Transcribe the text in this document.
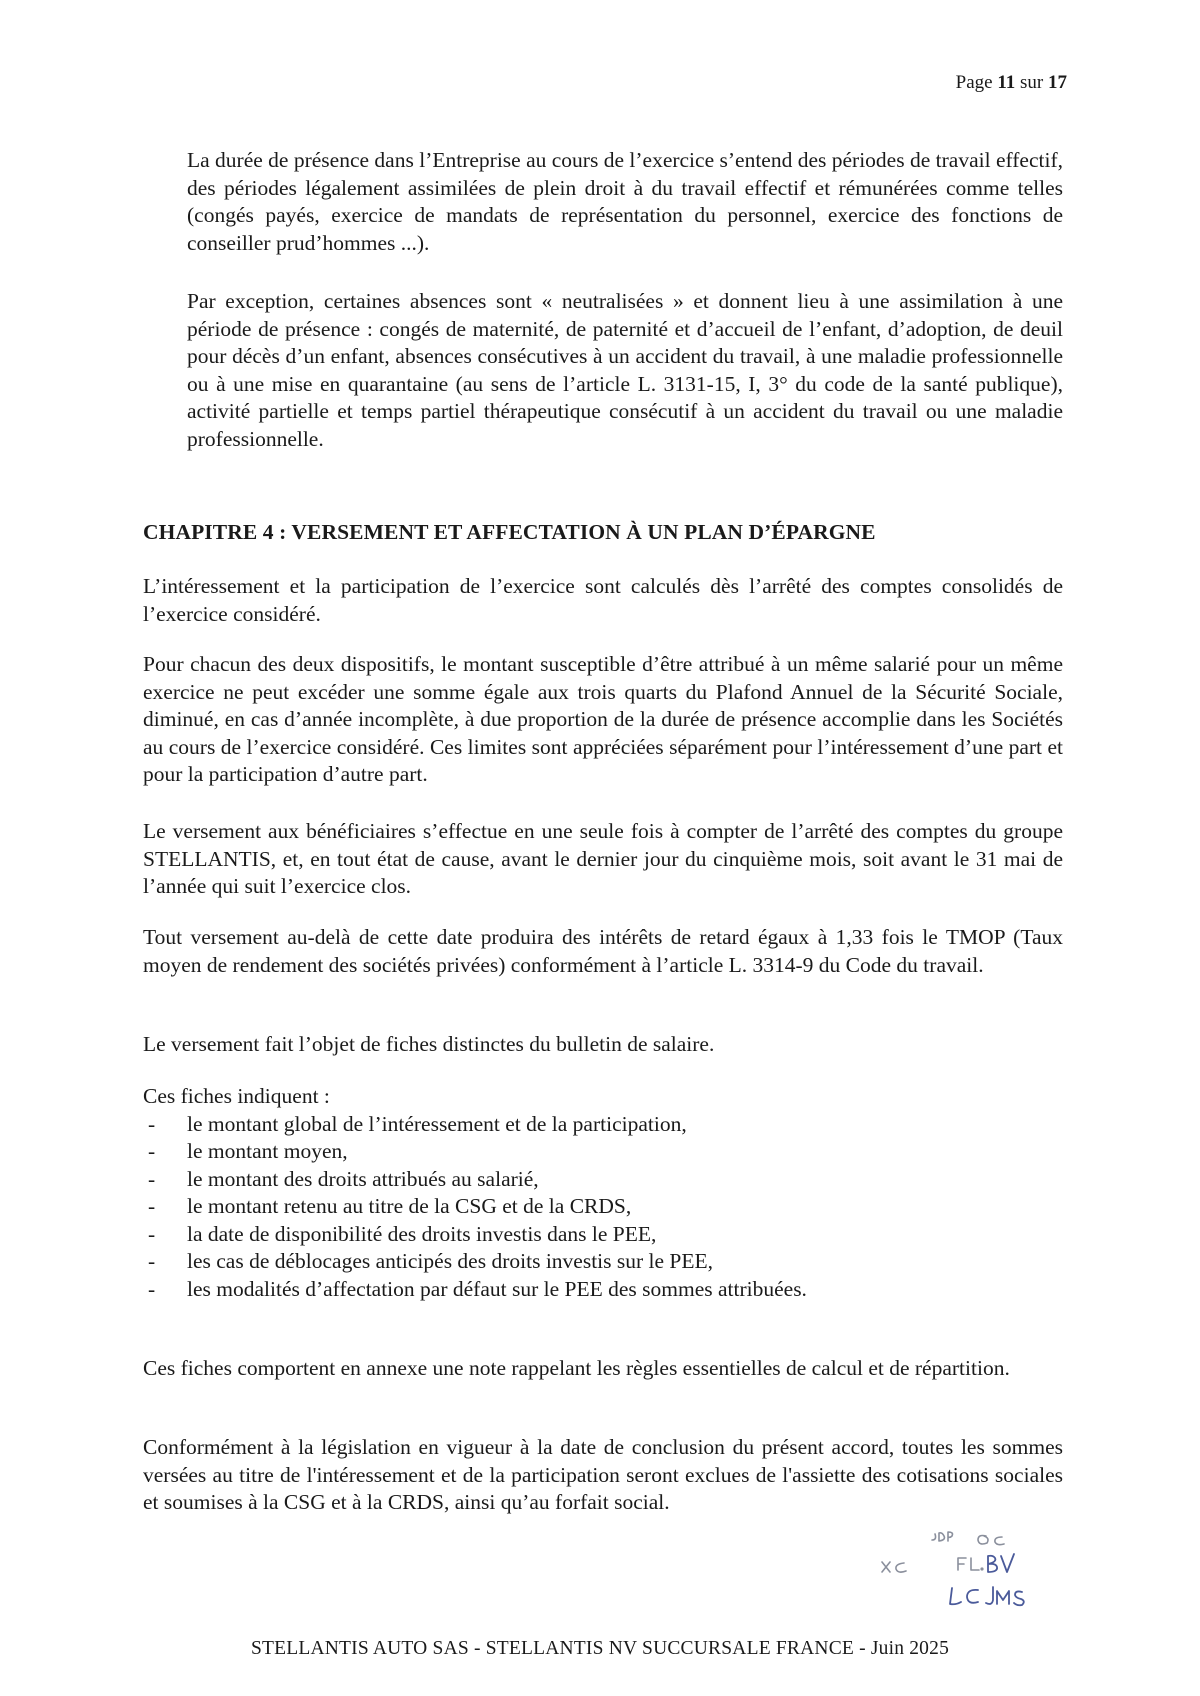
Page 11 sur 17

La durée de présence dans l’Entreprise au cours de l’exercice s’entend des périodes de travail effectif, des périodes légalement assimilées de plein droit à du travail effectif et rémunérées comme telles (congés payés, exercice de mandats de représentation du personnel, exercice des fonctions de conseiller prud’hommes ...).

Par exception, certaines absences sont « neutralisées » et donnent lieu à une assimilation à une période de présence : congés de maternité, de paternité et d’accueil de l’enfant, d’adoption, de deuil pour décès d’un enfant, absences consécutives à un accident du travail, à une maladie professionnelle ou à une mise en quarantaine (au sens de l’article L. 3131-15, I, 3° du code de la santé publique), activité partielle et temps partiel thérapeutique consécutif à un accident du travail ou une maladie professionnelle.

CHAPITRE 4 : VERSEMENT ET AFFECTATION À UN PLAN D’ÉPARGNE

L’intéressement et la participation de l’exercice sont calculés dès l’arrêté des comptes consolidés de l’exercice considéré.

Pour chacun des deux dispositifs, le montant susceptible d’être attribué à un même salarié pour un même exercice ne peut excéder une somme égale aux trois quarts du Plafond Annuel de la Sécurité Sociale, diminué, en cas d’année incomplète, à due proportion de la durée de présence accomplie dans les Sociétés au cours de l’exercice considéré. Ces limites sont appréciées séparément pour l’intéressement d’une part et pour la participation d’autre part.

Le versement aux bénéficiaires s’effectue en une seule fois à compter de l’arrêté des comptes du groupe STELLANTIS, et, en tout état de cause, avant le dernier jour du cinquième mois, soit avant le 31 mai de l’année qui suit l’exercice clos.

Tout versement au-delà de cette date produira des intérêts de retard égaux à 1,33 fois le TMOP (Taux moyen de rendement des sociétés privées) conformément à l’article L. 3314-9 du Code du travail.

Le versement fait l’objet de fiches distinctes du bulletin de salaire.

Ces fiches indiquent :
- le montant global de l’intéressement et de la participation,
- le montant moyen,
- le montant des droits attribués au salarié,
- le montant retenu au titre de la CSG et de la CRDS,
- la date de disponibilité des droits investis dans le PEE,
- les cas de déblocages anticipés des droits investis sur le PEE,
- les modalités d’affectation par défaut sur le PEE des sommes attribuées.

Ces fiches comportent en annexe une note rappelant les règles essentielles de calcul et de répartition.

Conformément à la législation en vigueur à la date de conclusion du présent accord, toutes les sommes versées au titre de l'intéressement et de la participation seront exclues de l'assiette des cotisations sociales et soumises à la CSG et à la CRDS, ainsi qu’au forfait social.

STELLANTIS AUTO SAS - STELLANTIS NV SUCCURSALE FRANCE - Juin 2025
